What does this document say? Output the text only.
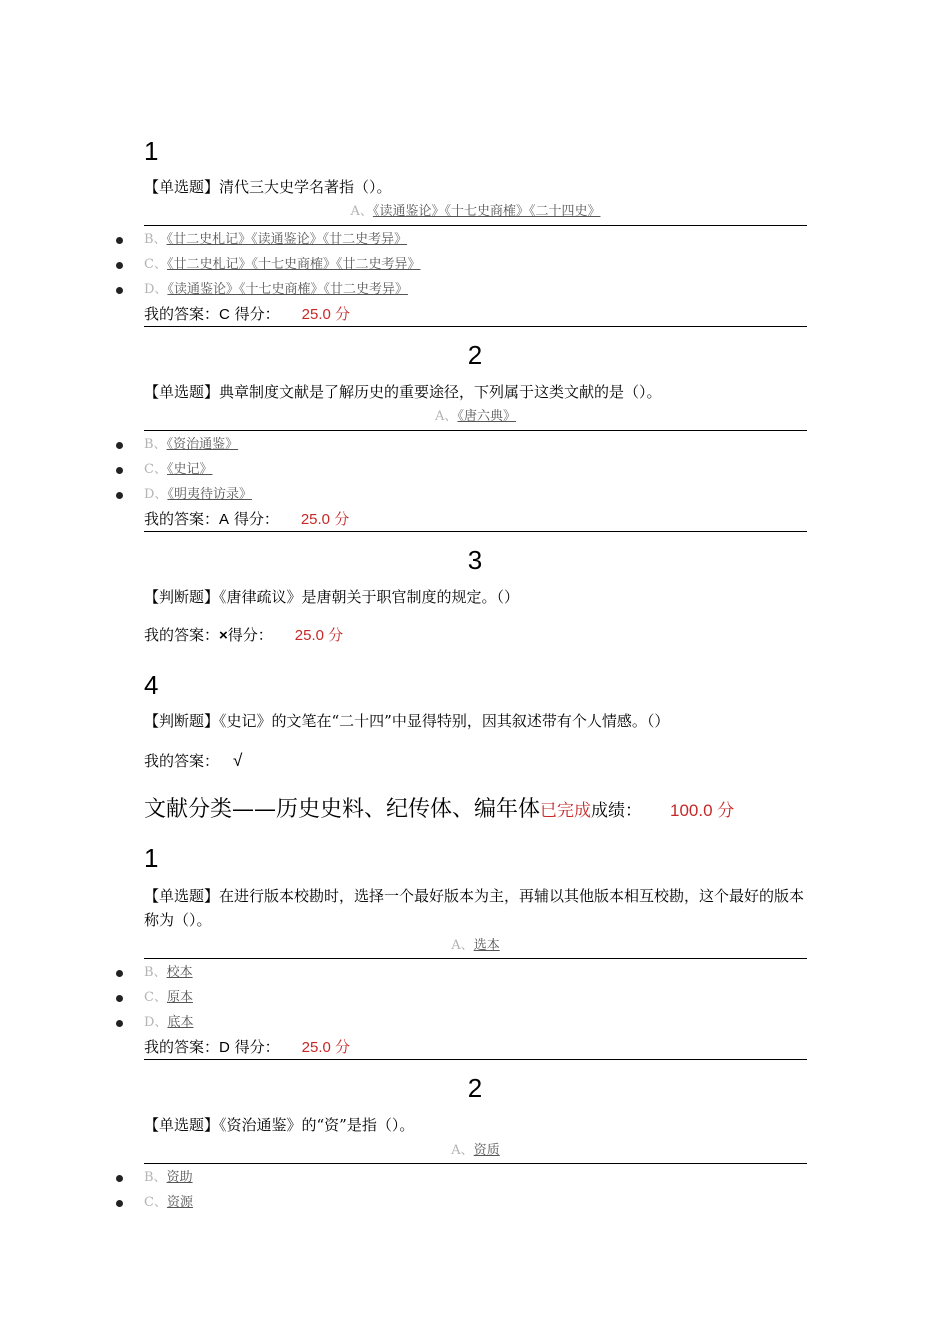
1
【单选题】清代三大史学名著指（）。
A、《读通鉴论》《十七史商榷》《二十四史》
B、《廿二史札记》《读通鉴论》《廿二史考异》
C、《廿二史札记》《十七史商榷》《廿二史考异》
D、《读通鉴论》《十七史商榷》《廿二史考异》
我的答案：C 得分： 25.0 分
2
【单选题】典章制度文献是了解历史的重要途径，下列属于这类文献的是（）。
A、《唐六典》
B、《资治通鉴》
C、《史记》
D、《明夷待访录》
我的答案：A 得分： 25.0 分
3
【判断题】《唐律疏议》是唐朝关于职官制度的规定。（）
我的答案：×得分： 25.0 分
4
【判断题】《史记》的文笔在“二十四”中显得特别，因其叙述带有个人情感。（）
我的答案： √
文献分类——历史史料、纪传体、编年体已完成成绩： 100.0 分
1
【单选题】在进行版本校勘时，选择一个最好版本为主，再辅以其他版本相互校勘，这个最好的版本称为（）。
A、选本
B、校本
C、原本
D、底本
我的答案：D 得分： 25.0 分
2
【单选题】《资治通鉴》的“资”是指（）。
A、资质
B、资助
C、资源
